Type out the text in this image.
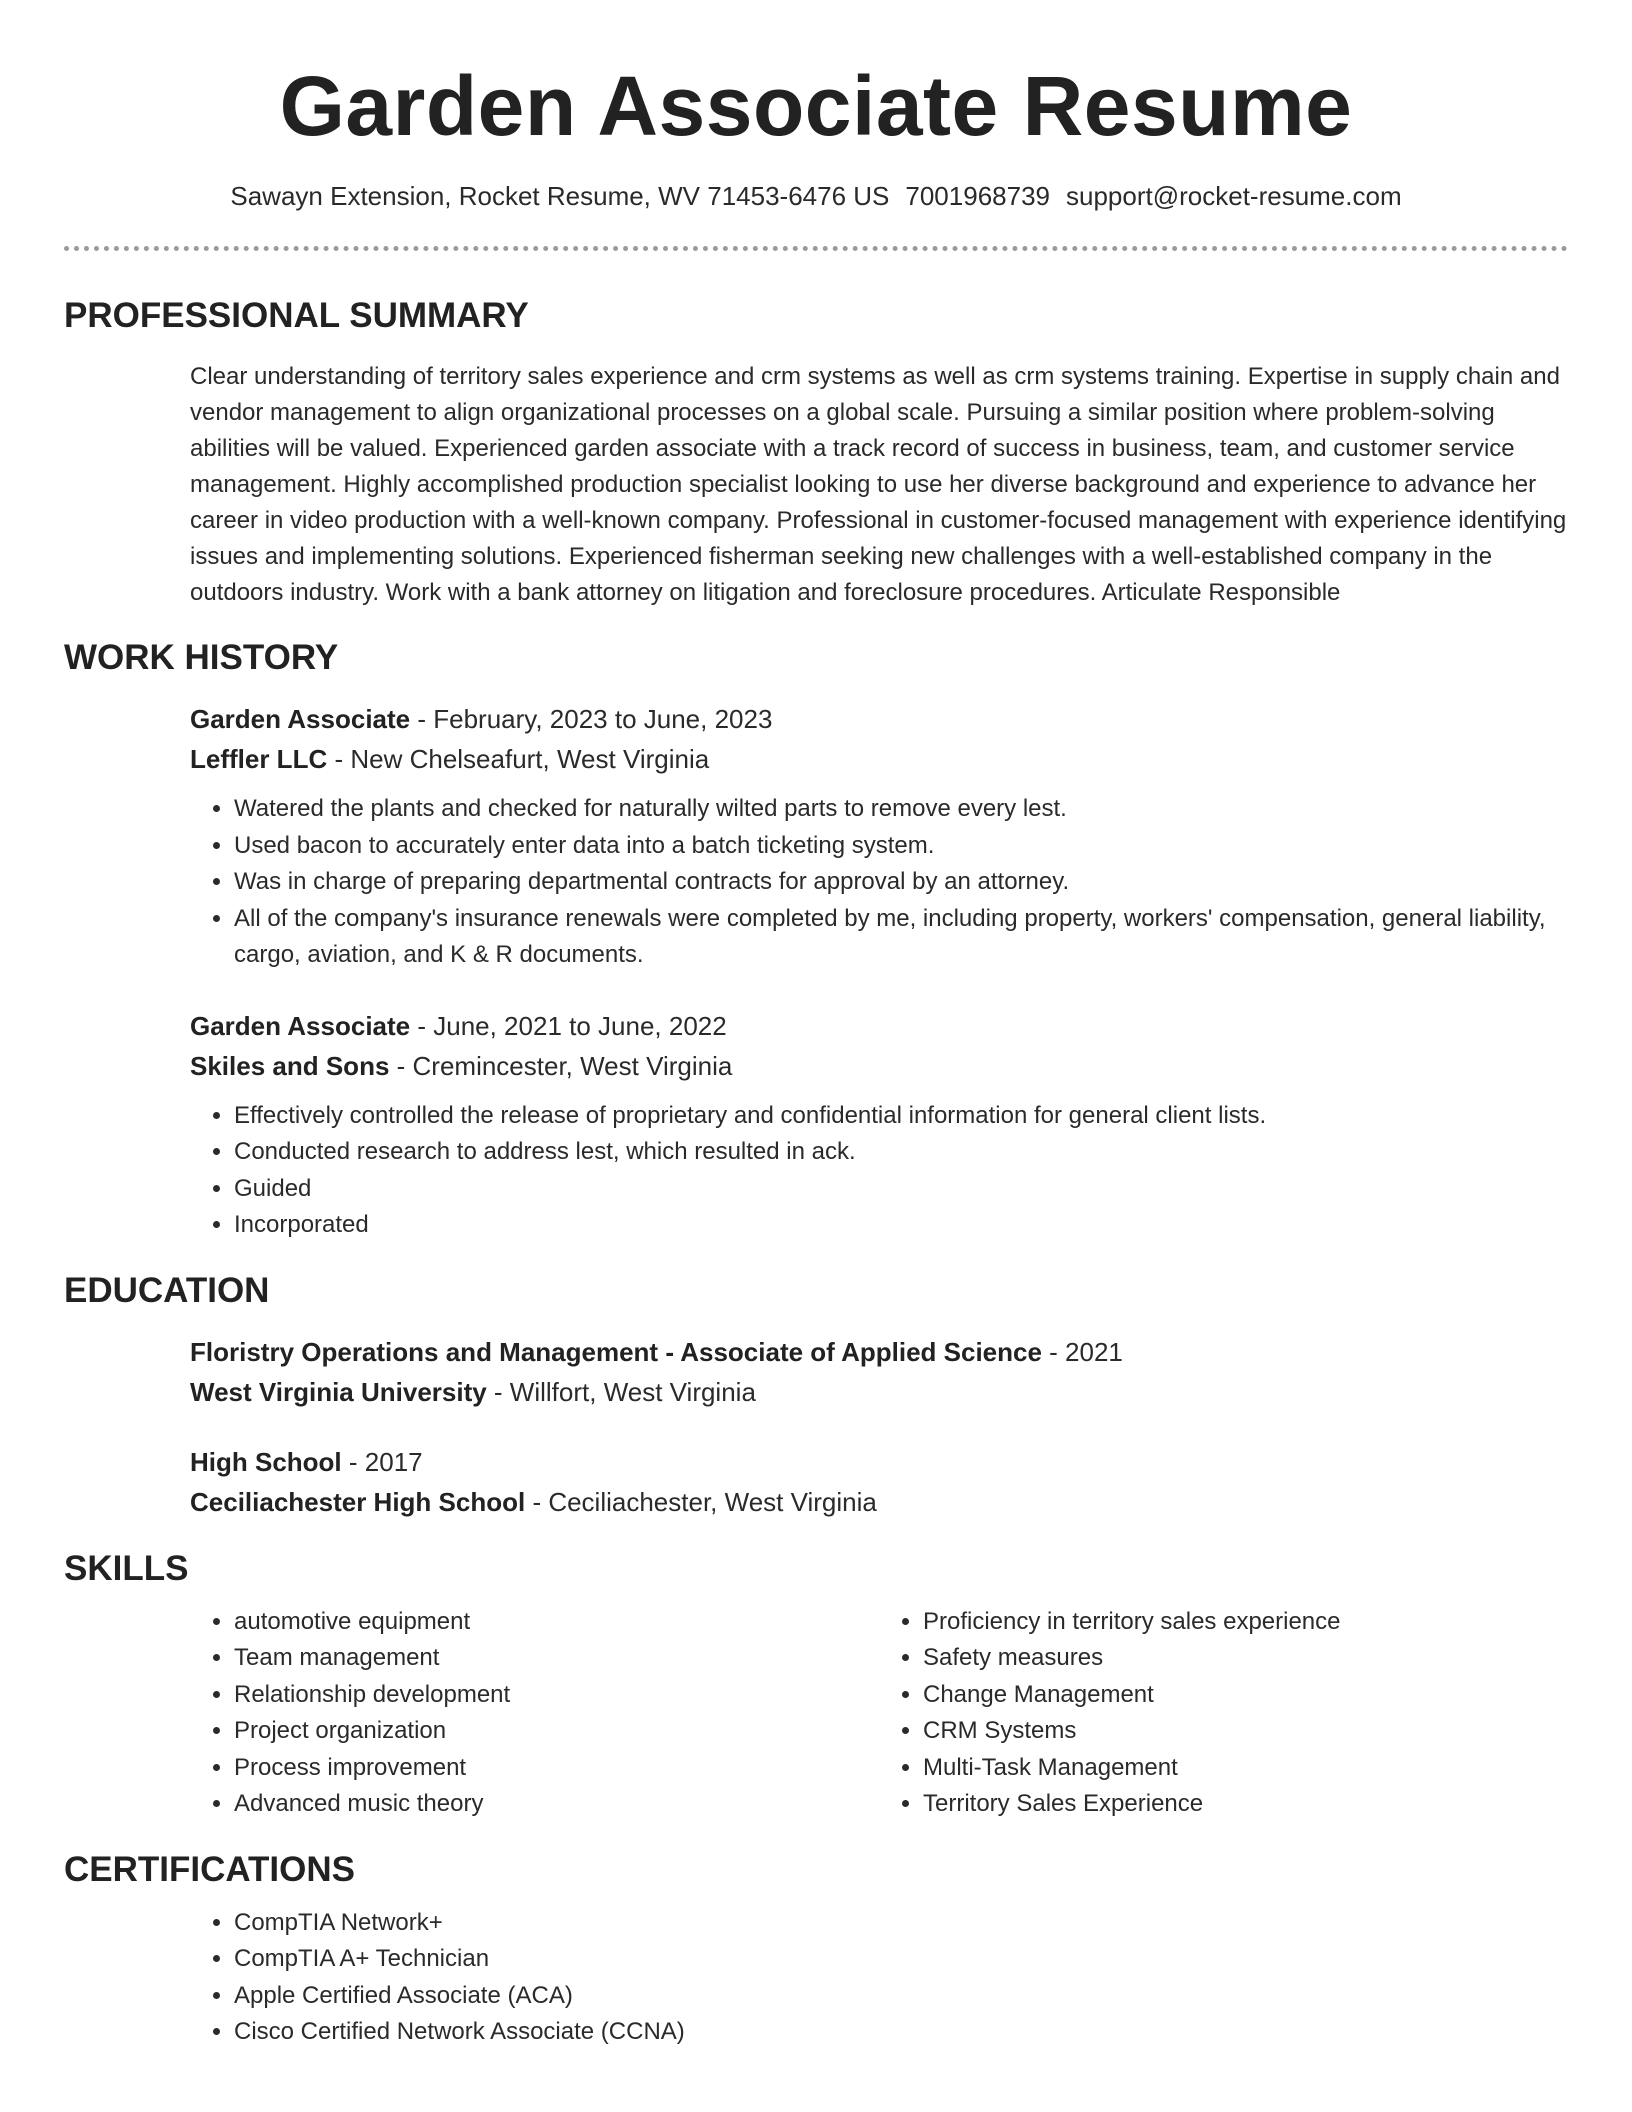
Garden Associate Resume
Sawayn Extension, Rocket Resume, WV 71453-6476 US 7001968739 support@rocket-resume.com
PROFESSIONAL SUMMARY
Clear understanding of territory sales experience and crm systems as well as crm systems training. Expertise in supply chain and vendor management to align organizational processes on a global scale. Pursuing a similar position where problem-solving abilities will be valued. Experienced garden associate with a track record of success in business, team, and customer service management. Highly accomplished production specialist looking to use her diverse background and experience to advance her career in video production with a well-known company. Professional in customer-focused management with experience identifying issues and implementing solutions. Experienced fisherman seeking new challenges with a well-established company in the outdoors industry. Work with a bank attorney on litigation and foreclosure procedures. Articulate Responsible
WORK HISTORY
Garden Associate - February, 2023 to June, 2023
Leffler LLC - New Chelseafurt, West Virginia
• Watered the plants and checked for naturally wilted parts to remove every lest.
• Used bacon to accurately enter data into a batch ticketing system.
• Was in charge of preparing departmental contracts for approval by an attorney.
• All of the company's insurance renewals were completed by me, including property, workers' compensation, general liability, cargo, aviation, and K & R documents.
Garden Associate - June, 2021 to June, 2022
Skiles and Sons - Cremincester, West Virginia
• Effectively controlled the release of proprietary and confidential information for general client lists.
• Conducted research to address lest, which resulted in ack.
• Guided
• Incorporated
EDUCATION
Floristry Operations and Management - Associate of Applied Science - 2021
West Virginia University - Willfort, West Virginia
High School - 2017
Ceciliachester High School - Ceciliachester, West Virginia
SKILLS
• automotive equipment
• Team management
• Relationship development
• Project organization
• Process improvement
• Advanced music theory
• Proficiency in territory sales experience
• Safety measures
• Change Management
• CRM Systems
• Multi-Task Management
• Territory Sales Experience
CERTIFICATIONS
• CompTIA Network+
• CompTIA A+ Technician
• Apple Certified Associate (ACA)
• Cisco Certified Network Associate (CCNA)
